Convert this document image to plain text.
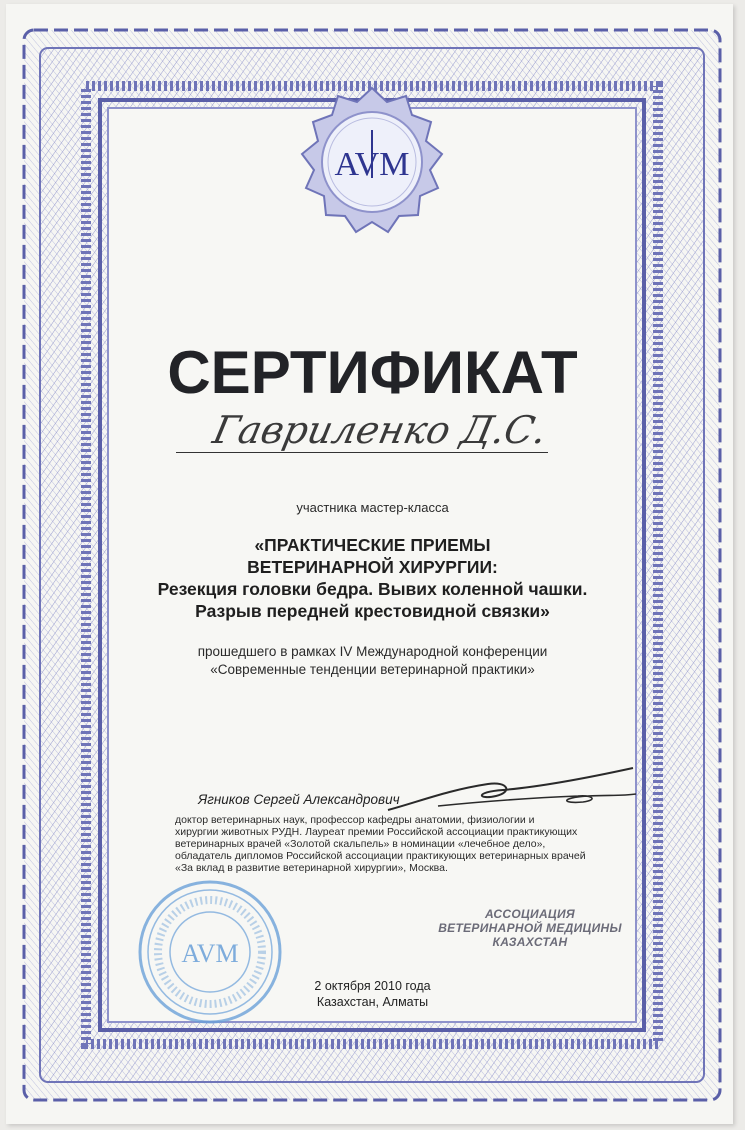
AVM
СЕРТИФИКАТ
Гавриленко Д.С.
участника мастер-класса
«ПРАКТИЧЕСКИЕ ПРИЕМЫ
ВЕТЕРИНАРНОЙ ХИРУРГИИ:
Резекция головки бедра. Вывих коленной чашки.
Разрыв передней крестовидной связки»
прошедшего в рамках IV Международной конференции
«Современные тенденции ветеринарной практики»
Ягников Сергей Александрович
доктор ветеринарных наук, профессор кафедры анатомии, физиологии и
хирургии животных РУДН. Лауреат премии Российской ассоциации практикующих
ветеринарных врачей «Золотой скальпель» в номинации «лечебное дело»,
обладатель дипломов Российской ассоциации практикующих ветеринарных врачей
«За вклад в развитие ветеринарной хирургии», Москва.
АССОЦИАЦИЯ
ВЕТЕРИНАРНОЙ МЕДИЦИНЫ
КАЗАХСТАН
AVM
2 октября 2010 года
Казахстан, Алматы
